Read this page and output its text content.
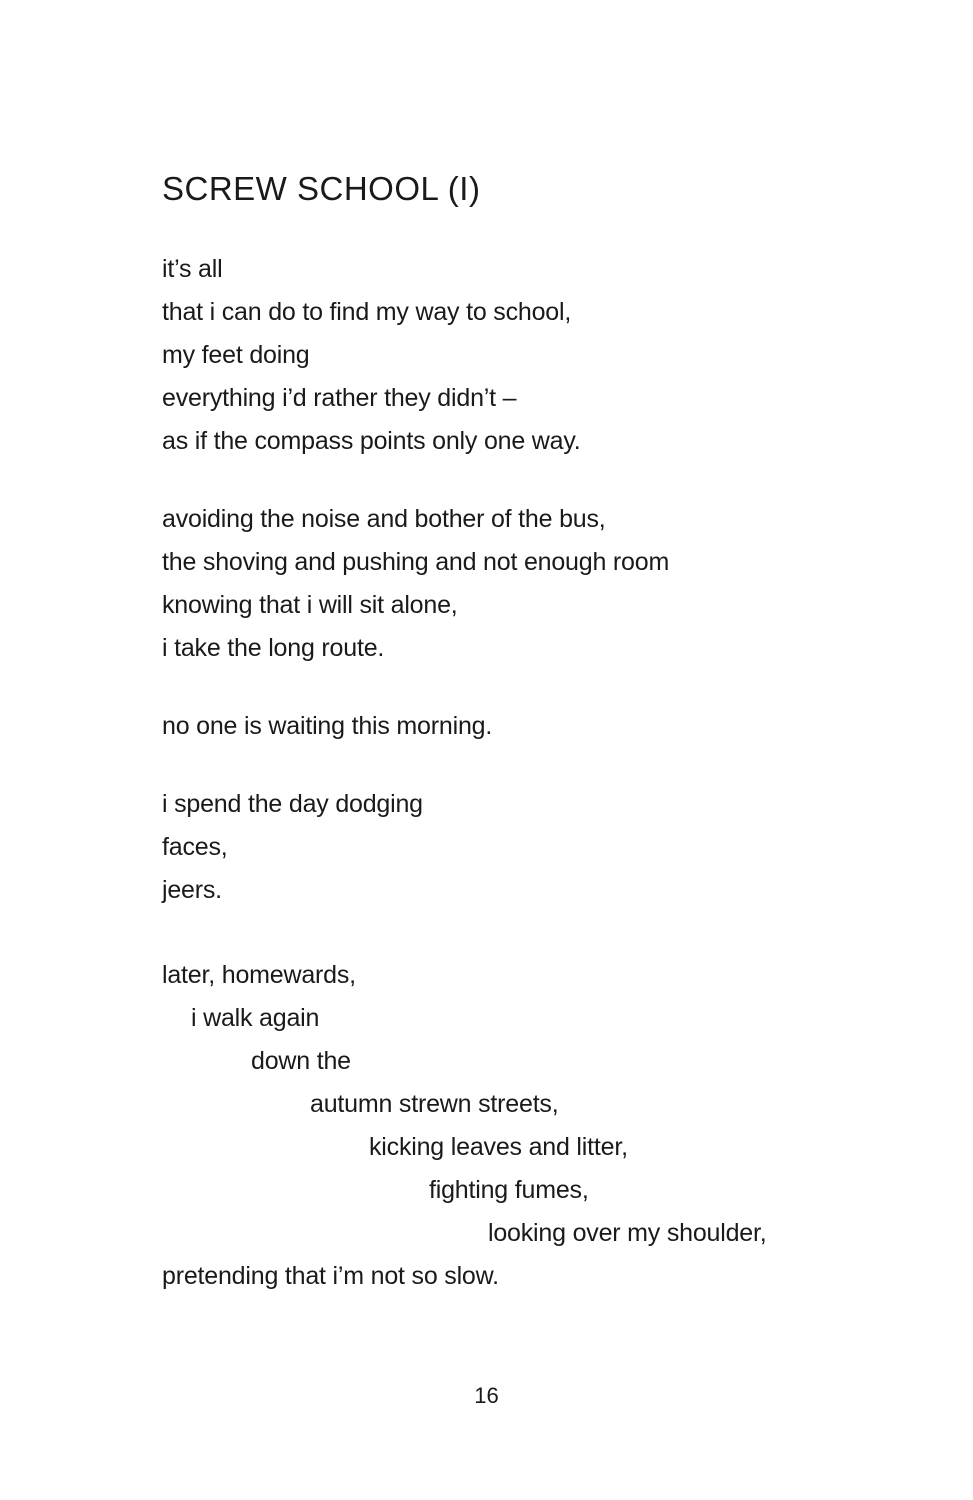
SCREW SCHOOL (I)

it’s all
that i can do to find my way to school,
my feet doing
everything i’d rather they didn’t –
as if the compass points only one way.

avoiding the noise and bother of the bus,
the shoving and pushing and not enough room
knowing that i will sit alone,
i take the long route.

no one is waiting this morning.

i spend the day dodging
faces,
jeers.

later, homewards,
i walk again
down the
autumn strewn streets,
kicking leaves and litter,
fighting fumes,
looking over my shoulder,
pretending that i’m not so slow.

16
